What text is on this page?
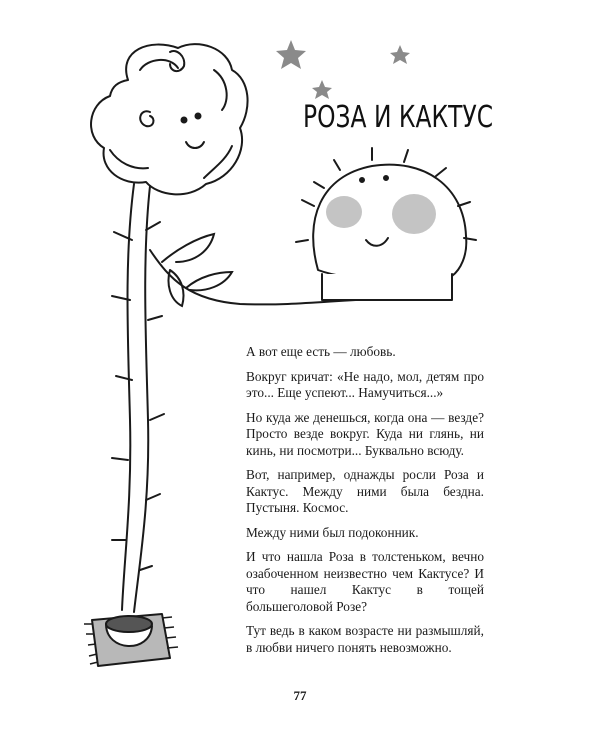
РОЗА И КАКТУС

А вот еще есть — любовь.

Вокруг кричат: «Не надо, мол, детям про это... Еще успеют... Намучиться...»

Но куда же денешься, когда она — везде? Просто везде вокруг. Куда ни глянь, ни кинь, ни посмотри... Буквально всюду.

Вот, например, однажды росли Роза и Кактус. Между ними была бездна. Пустыня. Космос.

Между ними был подоконник.

И что нашла Роза в толстеньком, вечно озабоченном неизвестно чем Кактусе? И что нашел Кактус в тощей большеголовой Розе?

Тут ведь в каком возрасте ни размышляй, в любви ничего понять невозможно.

77
